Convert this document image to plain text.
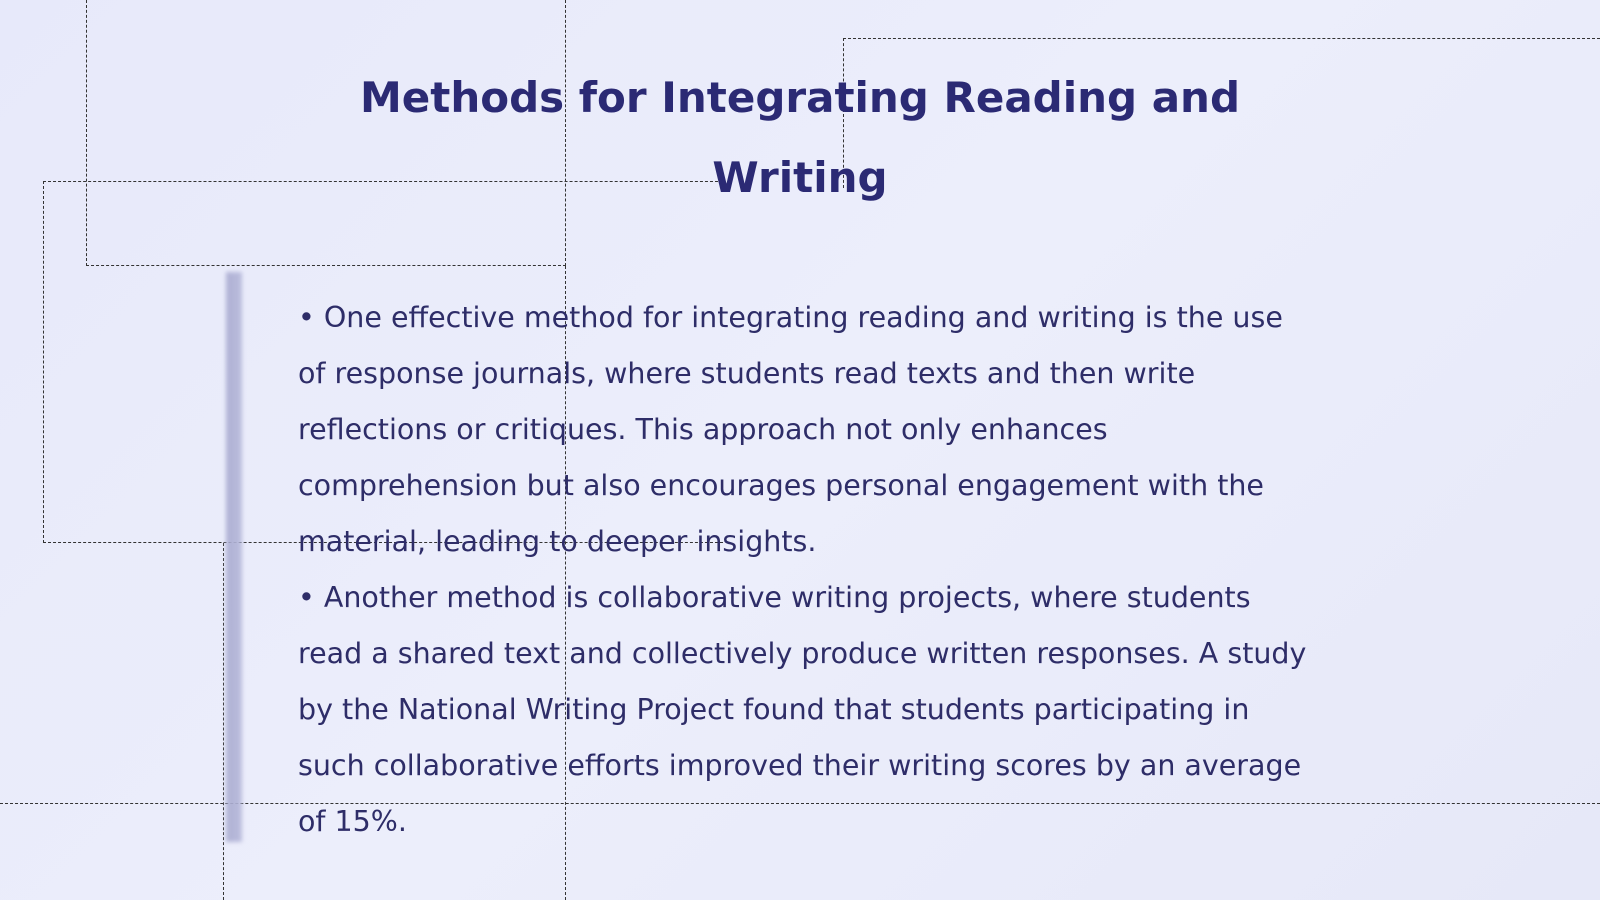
Methods for Integrating Reading and Writing

• One effective method for integrating reading and writing is the use of response journals, where students read texts and then write reflections or critiques. This approach not only enhances comprehension but also encourages personal engagement with the material, leading to deeper insights.

• Another method is collaborative writing projects, where students read a shared text and collectively produce written responses. A study by the National Writing Project found that students participating in such collaborative efforts improved their writing scores by an average of 15%.
